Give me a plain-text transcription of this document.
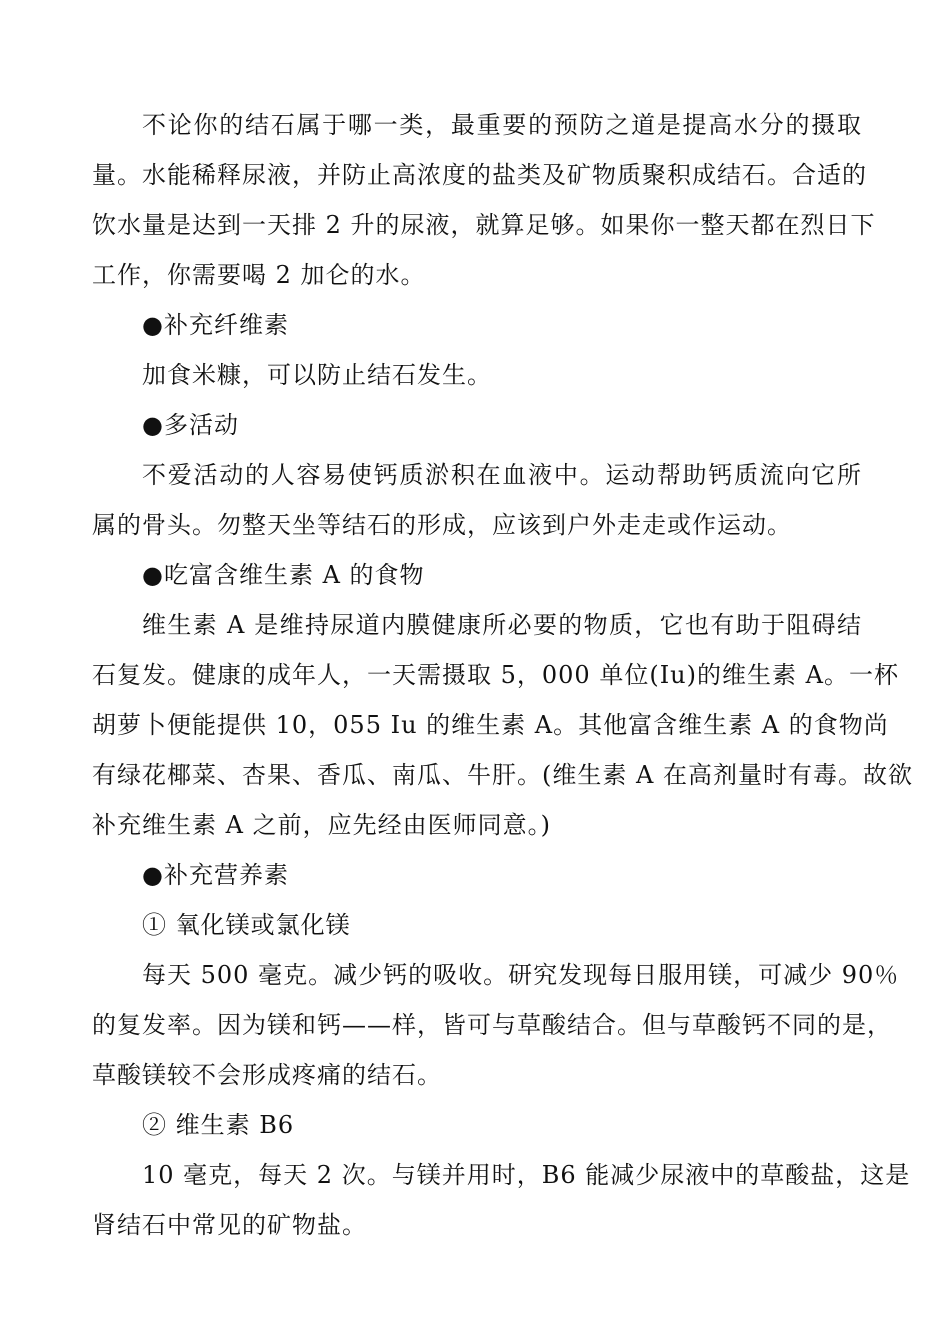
不论你的结石属于哪一类，最重要的预防之道是提高水分的摄取
量。水能稀释尿液，并防止高浓度的盐类及矿物质聚积成结石。合适的
饮水量是达到一天排 2 升的尿液，就算足够。如果你一整天都在烈日下
工作，你需要喝 2 加仑的水。
●补充纤维素
加食米糠，可以防止结石发生。
●多活动
不爱活动的人容易使钙质淤积在血液中。运动帮助钙质流向它所
属的骨头。勿整天坐等结石的形成，应该到户外走走或作运动。
●吃富含维生素 A 的食物
维生素 A 是维持尿道内膜健康所必要的物质，它也有助于阻碍结
石复发。健康的成年人，一天需摄取 5，000 单位(Iu)的维生素 A。一杯
胡萝卜便能提供 10，055 Iu 的维生素 A。其他富含维生素 A 的食物尚
有绿花椰菜、杏果、香瓜、南瓜、牛肝。(维生素 A 在高剂量时有毒。故欲
补充维生素 A 之前，应先经由医师同意。)
●补充营养素
① 氧化镁或氯化镁
每天 500 毫克。减少钙的吸收。研究发现每日服用镁，可减少 90％
的复发率。因为镁和钙——样，皆可与草酸结合。但与草酸钙不同的是，
草酸镁较不会形成疼痛的结石。
② 维生素 B6
10 毫克，每天 2 次。与镁并用时，B6 能减少尿液中的草酸盐，这是
肾结石中常见的矿物盐。
